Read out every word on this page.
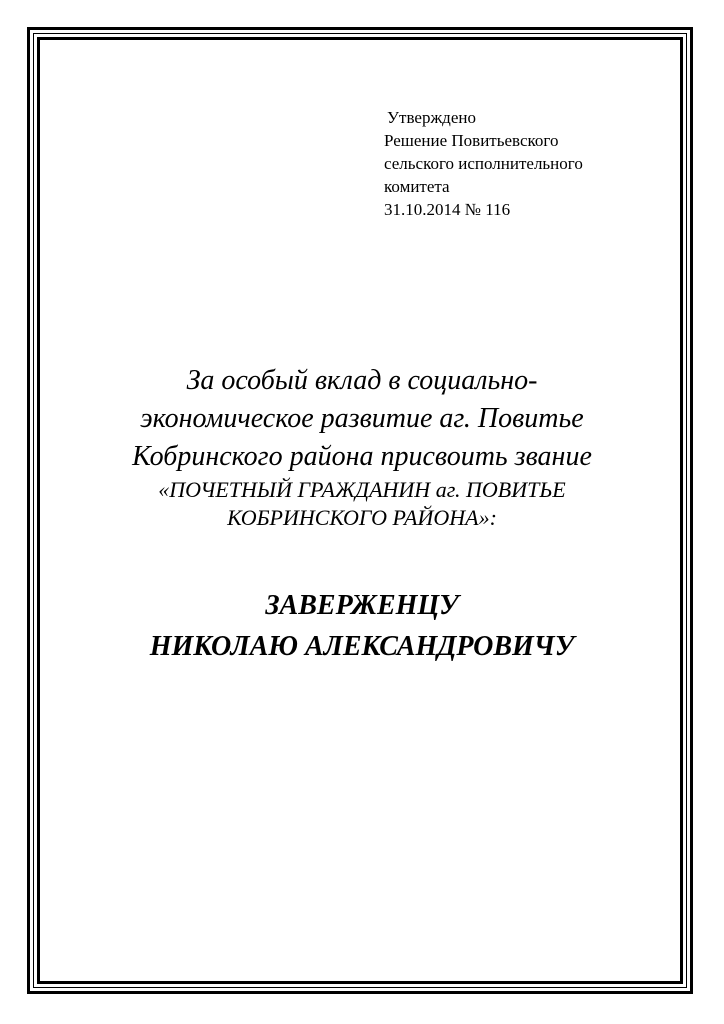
Утверждено
Решение Повитьевского
сельского исполнительного
комитета
31.10.2014 № 116
За особый вклад в социально-
экономическое развитие аг. Повитье
Кобринского района присвоить звание
«ПОЧЕТНЫЙ ГРАЖДАНИН аг. ПОВИТЬЕ
КОБРИНСКОГО РАЙОНА»:
ЗАВЕРЖЕНЦУ
НИКОЛАЮ АЛЕКСАНДРОВИЧУ
